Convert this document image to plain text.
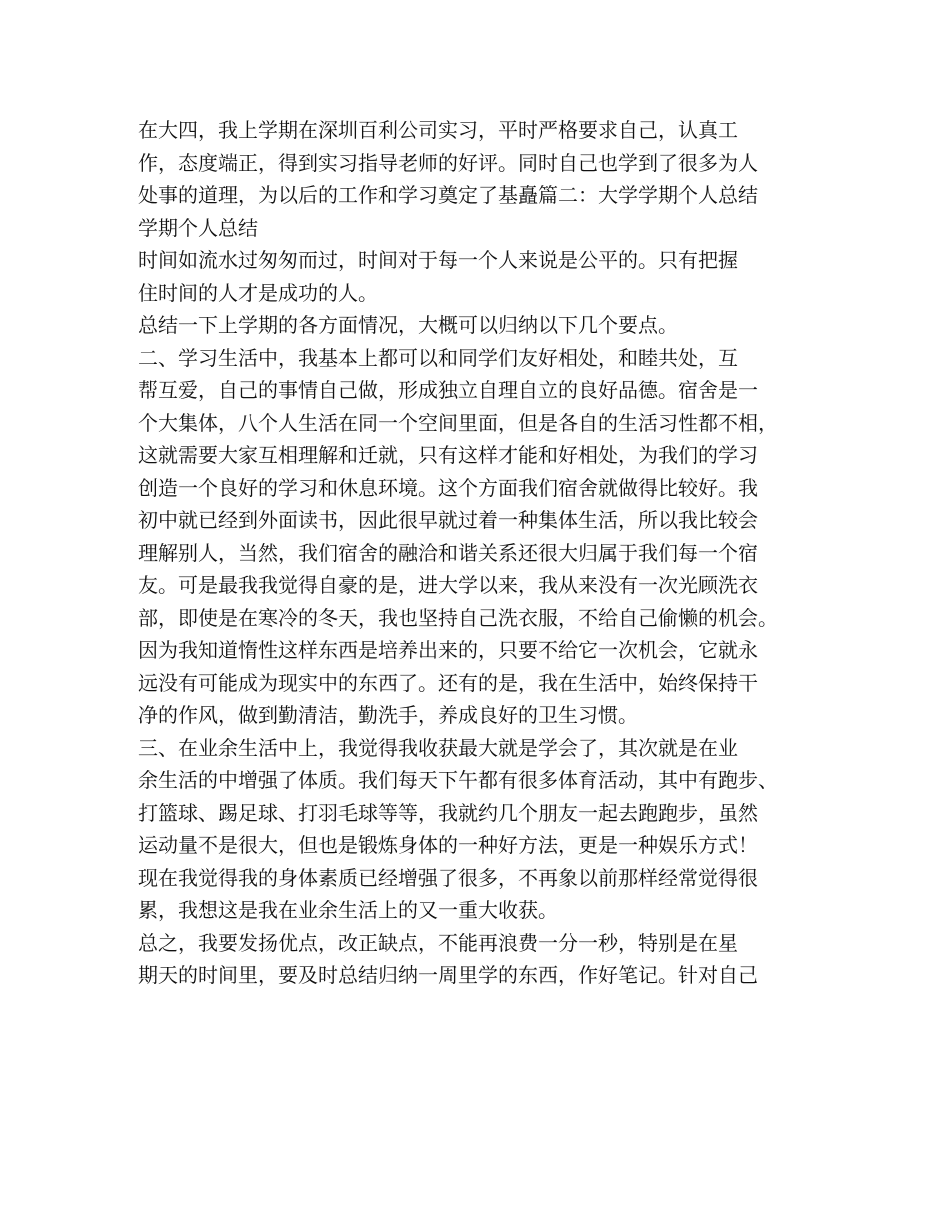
在大四，我上学期在深圳百利公司实习，平时严格要求自己，认真工
作，态度端正，得到实习指导老师的好评。同时自己也学到了很多为人
处事的道理，为以后的工作和学习奠定了基矗篇二：大学学期个人总结
学期个人总结
时间如流水过匆匆而过，时间对于每一个人来说是公平的。只有把握
住时间的人才是成功的人。
总结一下上学期的各方面情况，大概可以归纳以下几个要点。
二、学习生活中，我基本上都可以和同学们友好相处，和睦共处，互
帮互爱，自己的事情自己做，形成独立自理自立的良好品德。宿舍是一
个大集体，八个人生活在同一个空间里面，但是各自的生活习性都不相，
这就需要大家互相理解和迁就，只有这样才能和好相处，为我们的学习
创造一个良好的学习和休息环境。这个方面我们宿舍就做得比较好。我
初中就已经到外面读书，因此很早就过着一种集体生活，所以我比较会
理解别人，当然，我们宿舍的融洽和谐关系还很大归属于我们每一个宿
友。可是最我我觉得自豪的是，进大学以来，我从来没有一次光顾洗衣
部，即使是在寒冷的冬天，我也坚持自己洗衣服，不给自己偷懒的机会。
因为我知道惰性这样东西是培养出来的，只要不给它一次机会，它就永
远没有可能成为现实中的东西了。还有的是，我在生活中，始终保持干
净的作风，做到勤清洁，勤洗手，养成良好的卫生习惯。
三、在业余生活中上，我觉得我收获最大就是学会了，其次就是在业
余生活的中增强了体质。我们每天下午都有很多体育活动，其中有跑步、
打篮球、踢足球、打羽毛球等等，我就约几个朋友一起去跑跑步，虽然
运动量不是很大，但也是锻炼身体的一种好方法，更是一种娱乐方式！
现在我觉得我的身体素质已经增强了很多，不再象以前那样经常觉得很
累，我想这是我在业余生活上的又一重大收获。
总之，我要发扬优点，改正缺点，不能再浪费一分一秒，特别是在星
期天的时间里，要及时总结归纳一周里学的东西，作好笔记。针对自己
